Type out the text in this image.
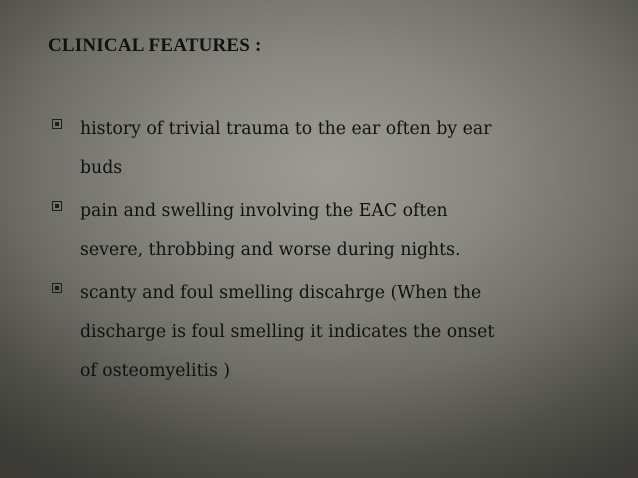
CLINICAL FEATURES :
history of trivial trauma to the ear often by ear
buds
pain and swelling involving the EAC often
severe, throbbing and worse during nights.
scanty and foul smelling discahrge (When the
discharge is foul smelling it indicates the onset
of osteomyelitis )
